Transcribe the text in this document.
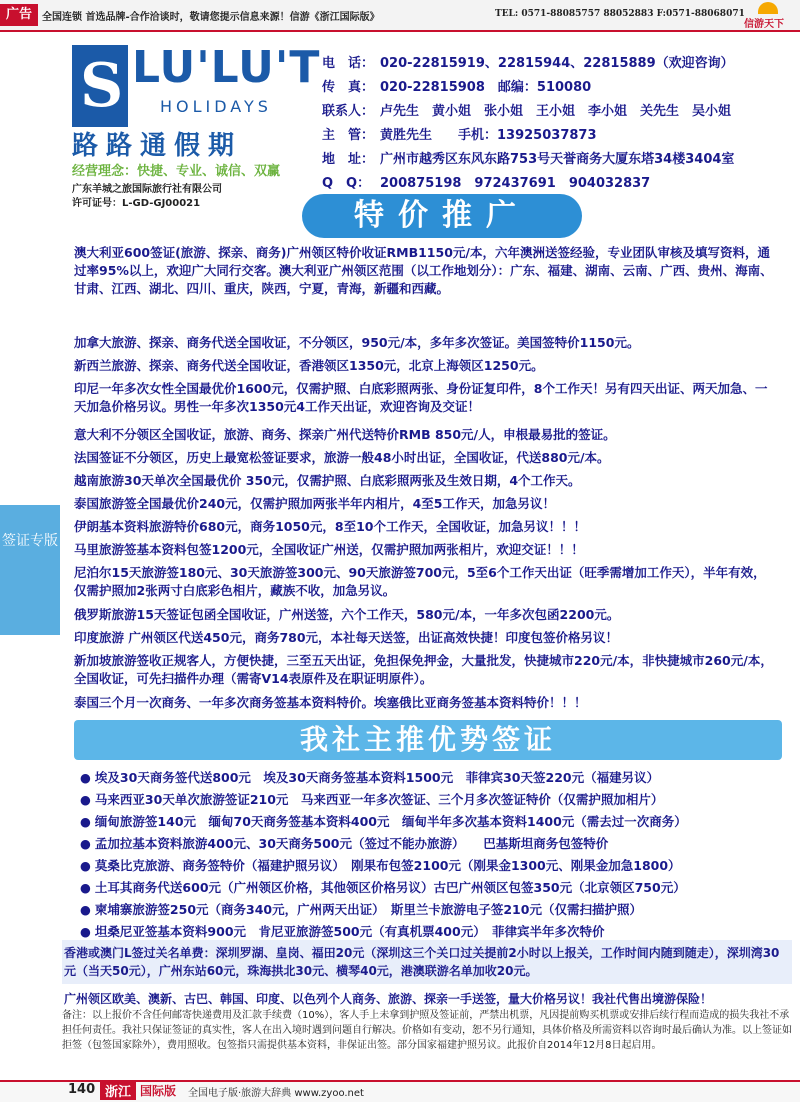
广告	全国连锁 首选品牌-合作洽谈时，敬请您提示信息来源！信游《浙江国际版》	TEL: 0571-88085757 88052883 F:0571-88068071
信游天下
S LU'LU'T
HOLIDAYS
路路通假期
经营理念：快捷、专业、诚信、双赢
广东羊城之旅国际旅行社有限公司
许可证号：L-GD-GJ00021
电　话： 020-22815919、22815944、22815889（欢迎咨询）
传　真： 020-22815908　邮编：510080
联系人： 卢先生　黄小姐　张小姐　王小姐　李小姐　关先生　吴小姐
主　管： 黄胜先生　　手机：13925037873
地　址： 广州市越秀区东风东路753号天誉商务大厦东塔34楼3404室
Q　Q： 200875198　972437691　904032837
特价推广
澳大利亚600签证(旅游、探亲、商务)广州领区特价收证RMB1150元/本，六年澳洲送签经验，专业团队审核及填写资料，通过率95%以上，欢迎广大同行交客。澳大利亚广州领区范围（以工作地划分）：广东、福建、湖南、云南、广西、贵州、海南、甘肃、江西、湖北、四川、重庆，陕西，宁夏，青海，新疆和西藏。
加拿大旅游、探亲、商务代送全国收证，不分领区，950元/本，多年多次签证。美国签特价1150元。
新西兰旅游、探亲、商务代送全国收证，香港领区1350元，北京上海领区1250元。
印尼一年多次女性全国最优价1600元，仅需护照、白底彩照两张、身份证复印件，8个工作天！另有四天出证、两天加急、一天加急价格另议。男性一年多次1350元4工作天出证，欢迎咨询及交证！
意大利不分领区全国收证，旅游、商务、探亲广州代送特价RMB 850元/人，申根最易批的签证。
法国签证不分领区，历史上最宽松签证要求，旅游一般48小时出证，全国收证，代送880元/本。
越南旅游30天单次全国最优价 350元，仅需护照、白底彩照两张及生效日期，4个工作天。
泰国旅游签全国最优价240元，仅需护照加两张半年内相片，4至5工作天，加急另议！
伊朗基本资料旅游特价680元，商务1050元，8至10个工作天，全国收证，加急另议！！！
马里旅游签基本资料包签1200元，全国收证广州送，仅需护照加两张相片，欢迎交证！！！
尼泊尔15天旅游签180元、30天旅游签300元、90天旅游签700元，5至6个工作天出证（旺季需增加工作天），半年有效，仅需护照加2张两寸白底彩色相片，藏族不收，加急另议。
俄罗斯旅游15天签证包函全国收证，广州送签，六个工作天，580元/本，一年多次包函2200元。
印度旅游 广州领区代送450元，商务780元，本社每天送签，出证高效快捷！印度包签价格另议！
新加坡旅游签收正规客人，方便快捷，三至五天出证，免担保免押金，大量批发，快捷城市220元/本，非快捷城市260元/本，全国收证，可先扫描件办理（需寄V14表原件及在职证明原件）。
泰国三个月一次商务、一年多次商务签基本资料特价。埃塞俄比亚商务签基本资料特价！！！
签证专版
我社主推优势签证
● 埃及30天商务签代送800元　埃及30天商务签基本资料1500元　菲律宾30天签220元（福建另议）
● 马来西亚30天单次旅游签证210元　马来西亚一年多次签证、三个月多次签证特价（仅需护照加相片）
● 缅甸旅游签140元　缅甸70天商务签基本资料400元　缅甸半年多次基本资料1400元（需去过一次商务）
● 孟加拉基本资料旅游400元、30天商务500元（签过不能办旅游）　　巴基斯坦商务包签特价
● 莫桑比克旅游、商务签特价（福建护照另议）　刚果布包签2100元（刚果金1300元、刚果金加急1800）
● 土耳其商务代送600元（广州领区价格，其他领区价格另议）古巴广州领区包签350元（北京领区750元）
● 柬埔寨旅游签250元（商务340元，广州两天出证）　斯里兰卡旅游电子签210元（仅需扫描护照）
● 坦桑尼亚签基本资料900元　肯尼亚旅游签500元（有真机票400元）　菲律宾半年多次特价
香港或澳门L签过关名单费：深圳罗湖、皇岗、福田20元（深圳这三个关口过关提前2小时以上报关，工作时间内随到随走），深圳湾30元（当天50元），广州东站60元，珠海拱北30元、横琴40元，港澳联游名单加收20元。
广州领区欧美、澳新、古巴、韩国、印度、以色列个人商务、旅游、探亲一手送签，量大价格另议！我社代售出境游保险！
备注：以上报价不含任何邮寄快递费用及汇款手续费（10%），客人手上未拿到护照及签证前，严禁出机票，凡因提前购买机票或安排后续行程而造成的损失我社不承担任何责任。我社只保证签证的真实性，客人在出入境时遇到问题自行解决。价格如有变动，恕不另行通知，具体价格及所需资料以咨询时最后确认为准。以上签证如拒签（包签国家除外），费用照收。包签指只需提供基本资料，非保证出签。部分国家福建护照另议。此报价自2014年12月8日起启用。
140 浙江 国际版 全国电子版·旅游大辞典 www.zyoo.net
